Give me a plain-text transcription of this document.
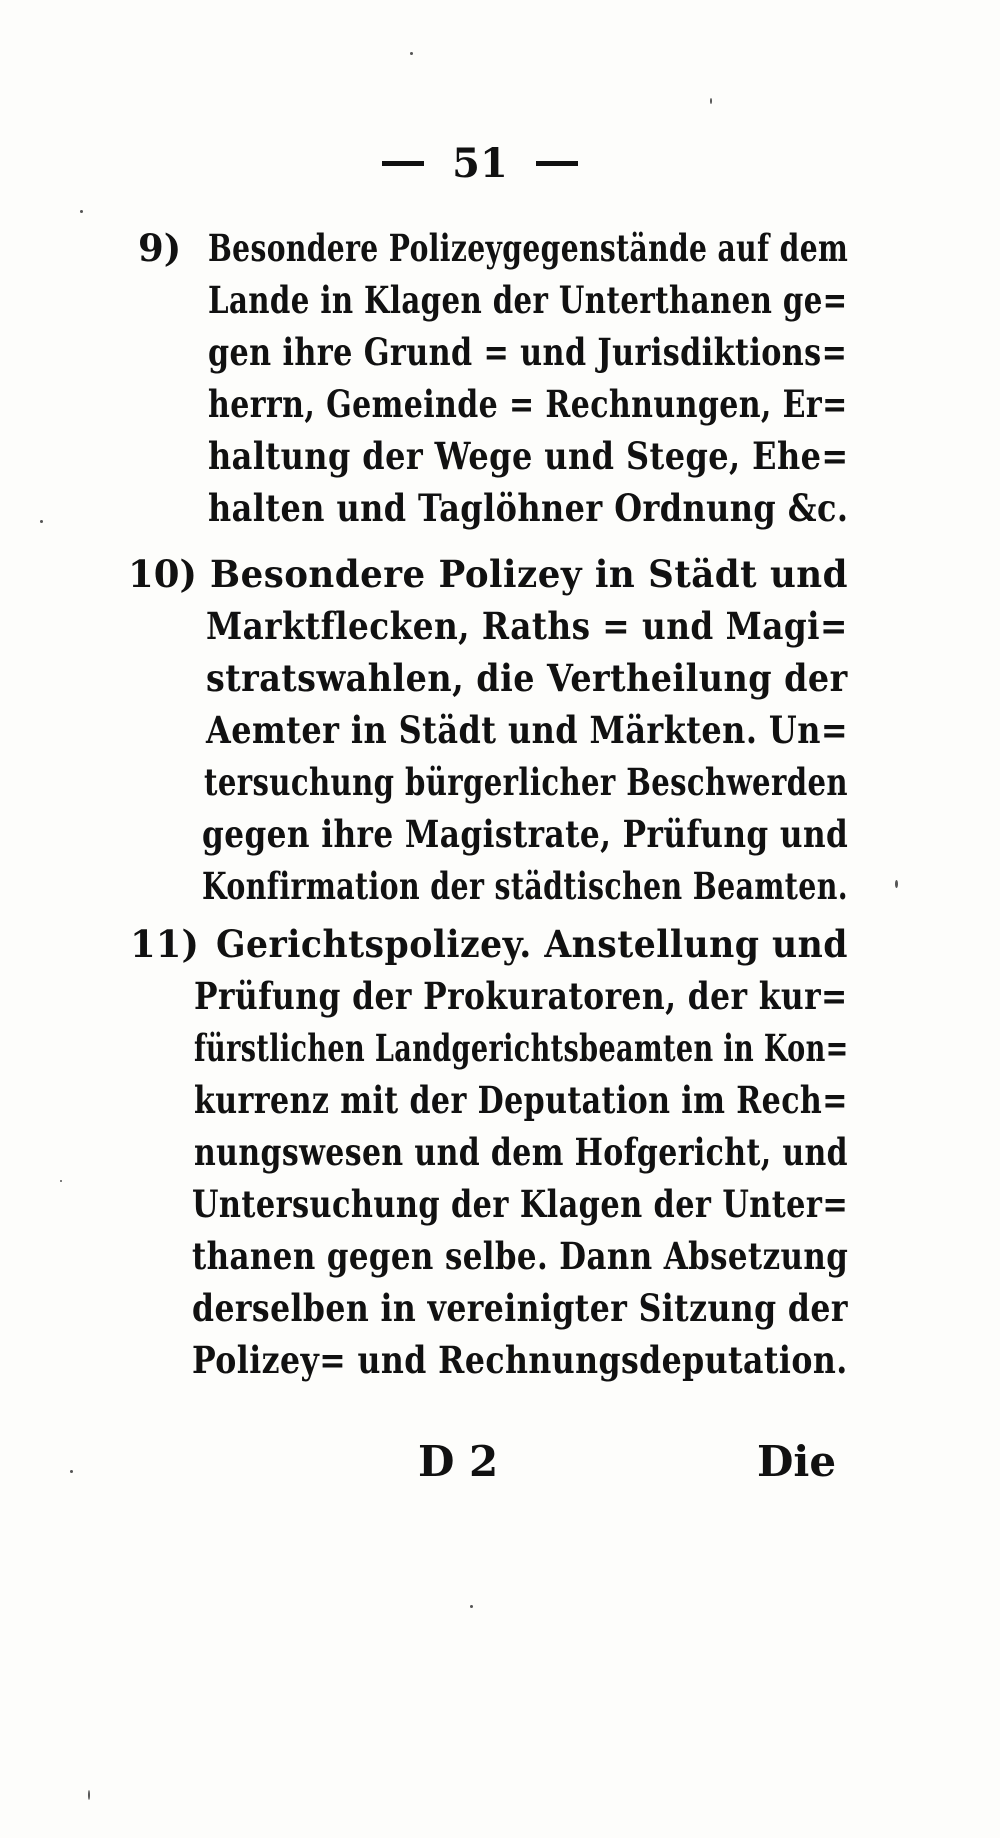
51
9) Besondere Polizeygegenstände auf dem
Lande in Klagen der Unterthanen ge=
gen ihre Grund = und Jurisdiktions=
herrn, Gemeinde = Rechnungen, Er=
haltung der Wege und Stege, Ehe=
halten und Taglöhner Ordnung &c.
10) Besondere Polizey in Städt und
Marktflecken, Raths = und Magi=
stratswahlen, die Vertheilung der
Aemter in Städt und Märkten. Un=
tersuchung bürgerlicher Beschwerden
gegen ihre Magistrate, Prüfung und
Konfirmation der städtischen Beamten.
11) Gerichtspolizey. Anstellung und
Prüfung der Prokuratoren, der kur=
fürstlichen Landgerichtsbeamten in Kon=
kurrenz mit der Deputation im Rech=
nungswesen und dem Hofgericht, und
Untersuchung der Klagen der Unter=
thanen gegen selbe. Dann Absetzung
derselben in vereinigter Sitzung der
Polizey= und Rechnungsdeputation.
D 2	Die
